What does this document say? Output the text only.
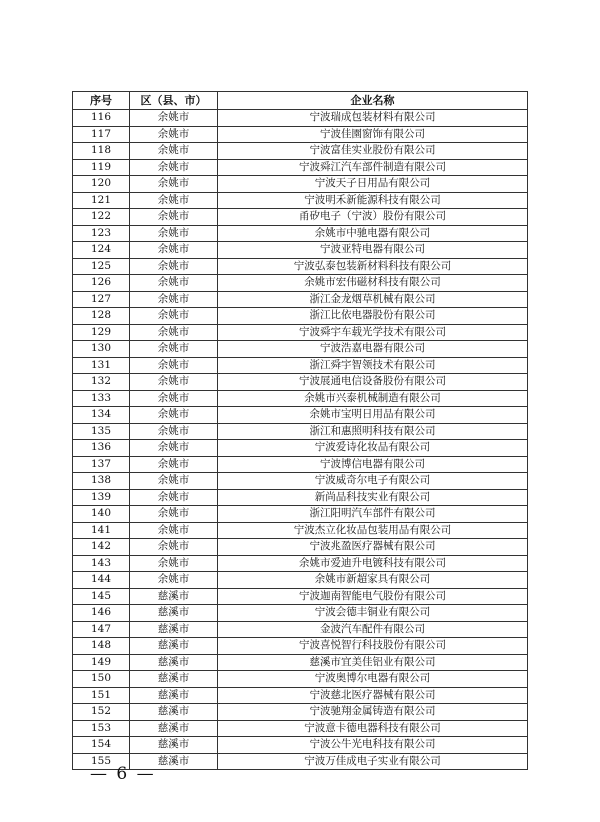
序号	区（县、市）	企业名称
116	余姚市	宁波瑞成包装材料有限公司
117	余姚市	宁波佳園窗饰有限公司
118	余姚市	宁波富佳实业股份有限公司
119	余姚市	宁波舜江汽车部件制造有限公司
120	余姚市	宁波天子日用品有限公司
121	余姚市	宁波明禾新能源科技有限公司
122	余姚市	甬矽电子（宁波）股份有限公司
123	余姚市	余姚市中驰电器有限公司
124	余姚市	宁波亚特电器有限公司
125	余姚市	宁波弘泰包装新材料科技有限公司
126	余姚市	余姚市宏伟磁材科技有限公司
127	余姚市	浙江金龙烟草机械有限公司
128	余姚市	浙江比依电器股份有限公司
129	余姚市	宁波舜宇车载光学技术有限公司
130	余姚市	宁波浩嘉电器有限公司
131	余姚市	浙江舜宇智领技术有限公司
132	余姚市	宁波展通电信设备股份有限公司
133	余姚市	余姚市兴泰机械制造有限公司
134	余姚市	余姚市宝明日用品有限公司
135	余姚市	浙江和惠照明科技有限公司
136	余姚市	宁波爱诗化妆品有限公司
137	余姚市	宁波博信电器有限公司
138	余姚市	宁波威奇尔电子有限公司
139	余姚市	新尚品科技实业有限公司
140	余姚市	浙江阳明汽车部件有限公司
141	余姚市	宁波杰立化妆品包装用品有限公司
142	余姚市	宁波兆盈医疗器械有限公司
143	余姚市	余姚市爱迪升电镀科技有限公司
144	余姚市	余姚市新超家具有限公司
145	慈溪市	宁波迦南智能电气股份有限公司
146	慈溪市	宁波会德丰铜业有限公司
147	慈溪市	金波汽车配件有限公司
148	慈溪市	宁波喜悦智行科技股份有限公司
149	慈溪市	慈溪市宜美佳铝业有限公司
150	慈溪市	宁波奥博尔电器有限公司
151	慈溪市	宁波慈北医疗器械有限公司
152	慈溪市	宁波驰翔金属铸造有限公司
153	慈溪市	宁波意卡德电器科技有限公司
154	慈溪市	宁波公牛光电科技有限公司
155	慈溪市	宁波万佳成电子实业有限公司
— 6 —
